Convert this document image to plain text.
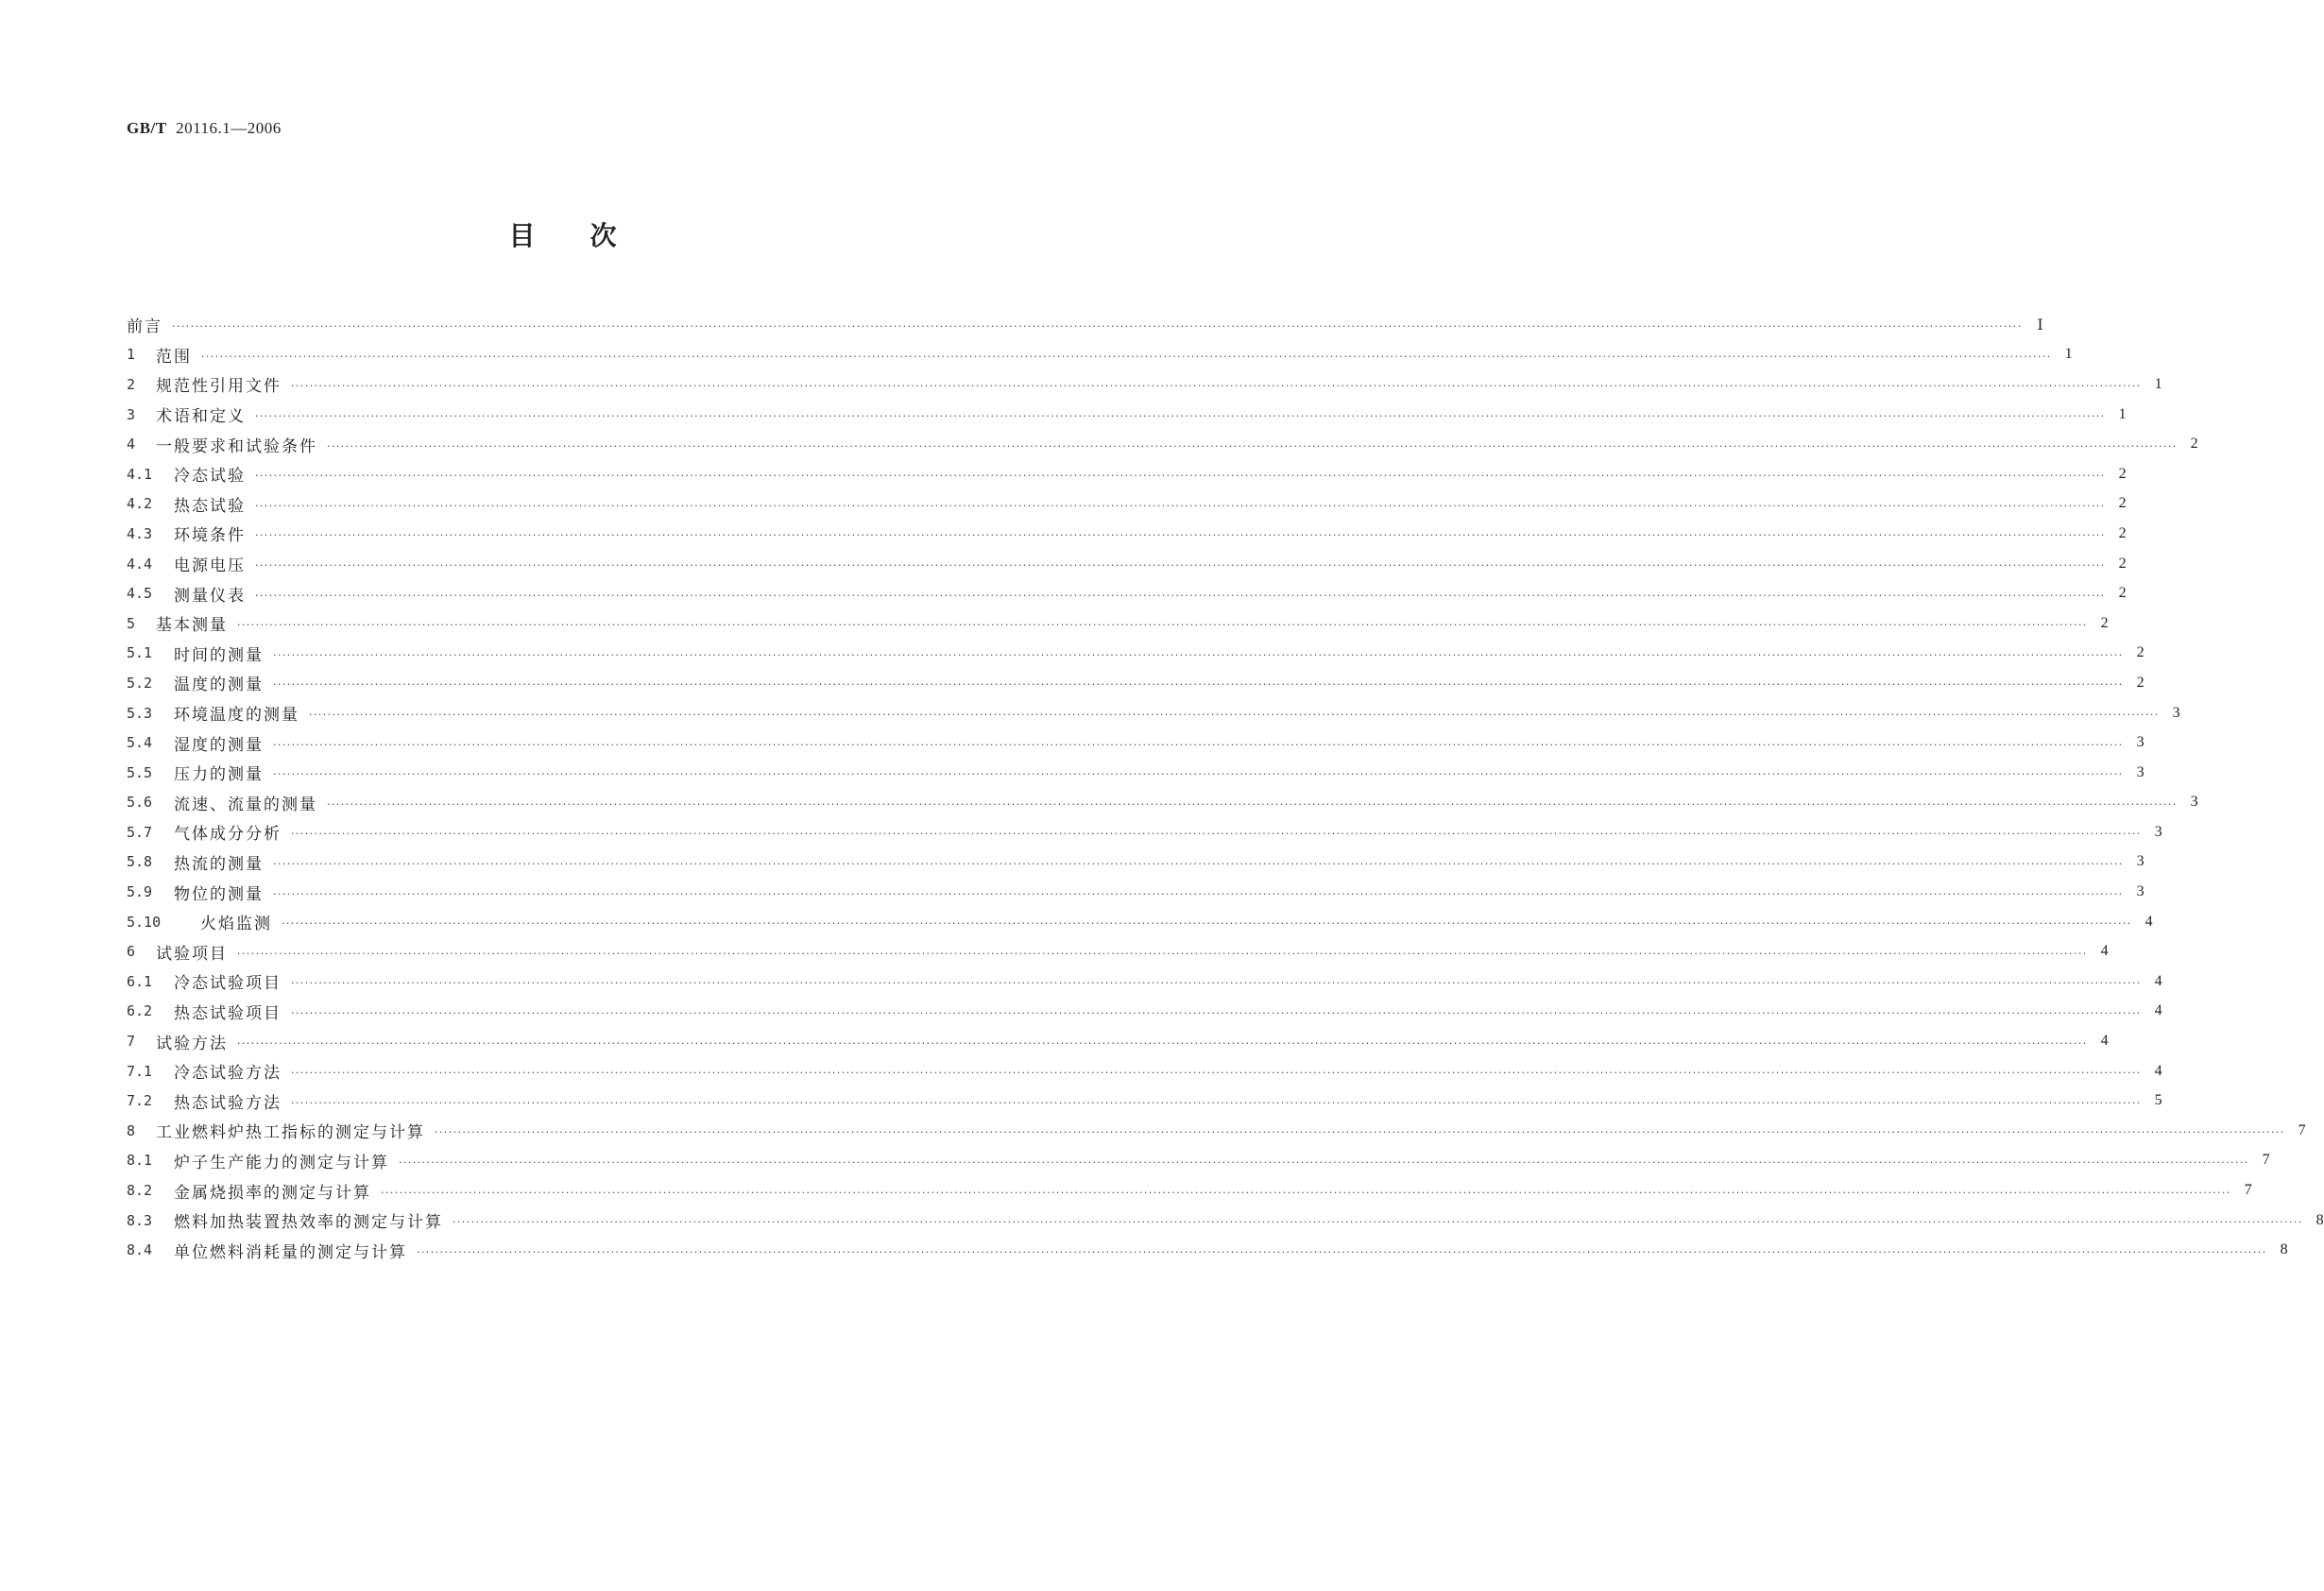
GB/T 20116.1—2006
目 次
前言 ················································································································································································································································································································································································································ Ⅰ
1	范围 ················································································································································································································································································································································································································ 1
2	规范性引用文件 ················································································································································································································································································································································································································ 1
3	术语和定义 ················································································································································································································································································································································································································ 1
4	一般要求和试验条件 ················································································································································································································································································································································································································ 2
4.1	冷态试验 ················································································································································································································································································································································································································ 2
4.2	热态试验 ················································································································································································································································································································································································································ 2
4.3	环境条件 ················································································································································································································································································································································································································ 2
4.4	电源电压 ················································································································································································································································································································································································································ 2
4.5	测量仪表 ················································································································································································································································································································································································································ 2
5	基本测量 ················································································································································································································································································································································································································ 2
5.1	时间的测量 ················································································································································································································································································································································································································ 2
5.2	温度的测量 ················································································································································································································································································································································································································ 2
5.3	环境温度的测量 ················································································································································································································································································································································································································ 3
5.4	湿度的测量 ················································································································································································································································································································································································································ 3
5.5	压力的测量 ················································································································································································································································································································································································································ 3
5.6	流速、流量的测量 ················································································································································································································································································································································································································ 3
5.7	气体成分分析 ················································································································································································································································································································································································································ 3
5.8	热流的测量 ················································································································································································································································································································································································································ 3
5.9	物位的测量 ················································································································································································································································································································································································································ 3
5.10	火焰监测 ················································································································································································································································································································································································································ 4
6	试验项目 ················································································································································································································································································································································································································ 4
6.1	冷态试验项目 ················································································································································································································································································································································································································ 4
6.2	热态试验项目 ················································································································································································································································································································································································································ 4
7	试验方法 ················································································································································································································································································································································································································ 4
7.1	冷态试验方法 ················································································································································································································································································································································································································ 4
7.2	热态试验方法 ················································································································································································································································································································································································································ 5
8	工业燃料炉热工指标的测定与计算 ················································································································································································································································································································································································································ 7
8.1	炉子生产能力的测定与计算 ················································································································································································································································································································································································································ 7
8.2	金属烧损率的测定与计算 ················································································································································································································································································································································································································ 7
8.3	燃料加热装置热效率的测定与计算 ················································································································································································································································································································································································································ 8
8.4	单位燃料消耗量的测定与计算 ················································································································································································································································································································································································································ 8
